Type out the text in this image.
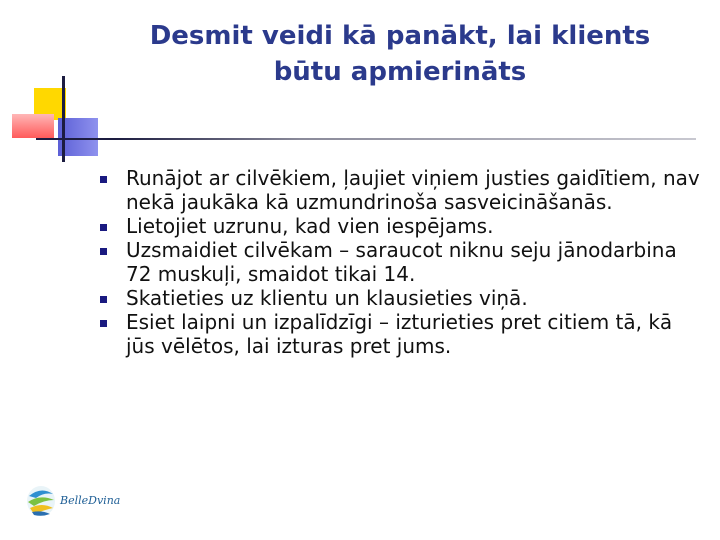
Desmit veidi kā panākt, lai klients
būtu apmierināts
Runājot ar cilvēkiem, ļaujiet viņiem justies gaidītiem, nav nekā jaukāka kā uzmundrinoša sasveicināšanās.
Lietojiet uzrunu, kad vien iespējams.
Uzsmaidiet cilvēkam – saraucot niknu seju jānodarbina 72 muskuļi, smaidot tikai 14.
Skatieties uz klientu un klausieties viņā.
Esiet laipni un izpalīdzīgi – izturieties pret citiem tā, kā jūs vēlētos, lai izturas pret jums.
BelleDvina
